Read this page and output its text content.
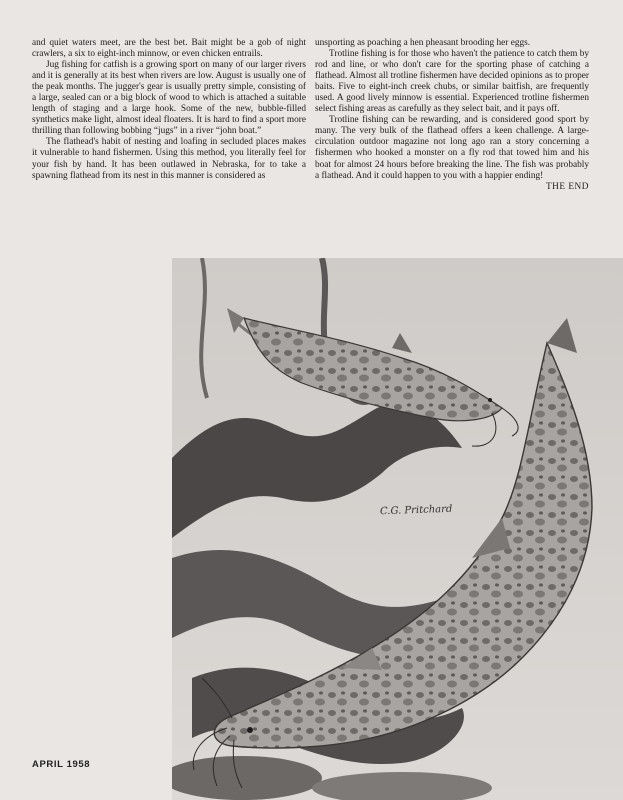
and quiet waters meet, are the best bet. Bait might be a gob of night crawlers, a six to eight-inch minnow, or even chicken entrails.

Jug fishing for catfish is a growing sport on many of our larger rivers and it is generally at its best when rivers are low. August is usually one of the peak months. The jugger's gear is usually pretty simple, consisting of a large, sealed can or a big block of wood to which is attached a suitable length of staging and a large hook. Some of the new, bubble-filled synthetics make light, almost ideal floaters. It is hard to find a sport more thrilling than following bobbing “jugs” in a river “john boat.”

The flathead's habit of nesting and loafing in secluded places makes it vulnerable to hand fishermen. Using this method, you literally feel for your fish by hand. It has been outlawed in Nebraska, for to take a spawning flathead from its nest in this manner is considered as

unsporting as poaching a hen pheasant brooding her eggs.

Trotline fishing is for those who haven't the patience to catch them by rod and line, or who don't care for the sporting phase of catching a flathead. Almost all trotline fishermen have decided opinions as to proper baits. Five to eight-inch creek chubs, or similar baitfish, are frequently used. A good lively minnow is essential. Experienced trotline fishermen select fishing areas as carefully as they select bait, and it pays off.

Trotline fishing can be rewarding, and is considered good sport by many. The very bulk of the flathead offers a keen challenge. A large-circulation outdoor magazine not long ago ran a story concerning a fishermen who hooked a monster on a fly rod that towed him and his boat for almost 24 hours before breaking the line. The fish was probably a flathead. And it could happen to you with a happier ending!
THE END

C.G. Pritchard
APRIL 1958
